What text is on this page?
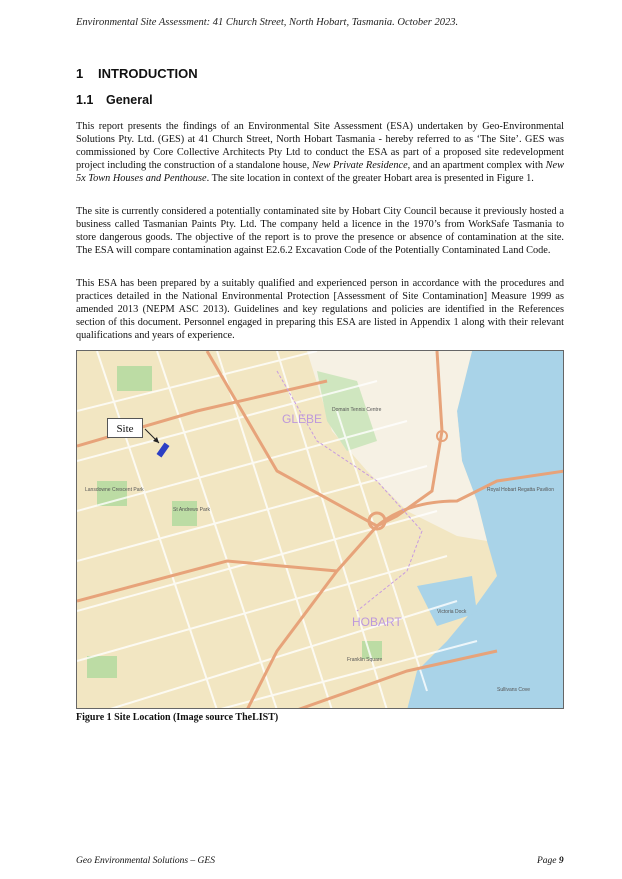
Environmental Site Assessment: 41 Church Street, North Hobart, Tasmania. October 2023.
1 INTRODUCTION
1.1 General
This report presents the findings of an Environmental Site Assessment (ESA) undertaken by Geo-Environmental Solutions Pty. Ltd. (GES) at 41 Church Street, North Hobart Tasmania - hereby referred to as ‘The Site’. GES was commissioned by Core Collective Architects Pty Ltd to conduct the ESA as part of a proposed site redevelopment project including the construction of a standalone house, New Private Residence, and an apartment complex with New 5x Town Houses and Penthouse. The site location in context of the greater Hobart area is presented in Figure 1.
The site is currently considered a potentially contaminated site by Hobart City Council because it previously hosted a business called Tasmanian Paints Pty. Ltd. The company held a licence in the 1970’s from WorkSafe Tasmania to store dangerous goods. The objective of the report is to prove the presence or absence of contamination at the site. The ESA will compare contamination against E2.6.2 Excavation Code of the Potentially Contaminated Land Code.
This ESA has been prepared by a suitably qualified and experienced person in accordance with the procedures and practices detailed in the National Environmental Protection [Assessment of Site Contamination] Measure 1999 as amended 2013 (NEPM ASC 2013). Guidelines and key regulations and policies are identified in the References section of this document. Personnel engaged in preparing this ESA are listed in Appendix 1 along with their relevant qualifications and years of experience.
GLEBE
HOBART
Domain Tennis Centre
Sullivans Cove
Victoria Dock
Franklin Square
St Andrews Park
Royal Hobart Regatta Pavilion
Lansdowne Crescent Park
Site
Figure 1 Site Location (Image source TheLIST)
Geo Environmental Solutions – GES	Page 9
